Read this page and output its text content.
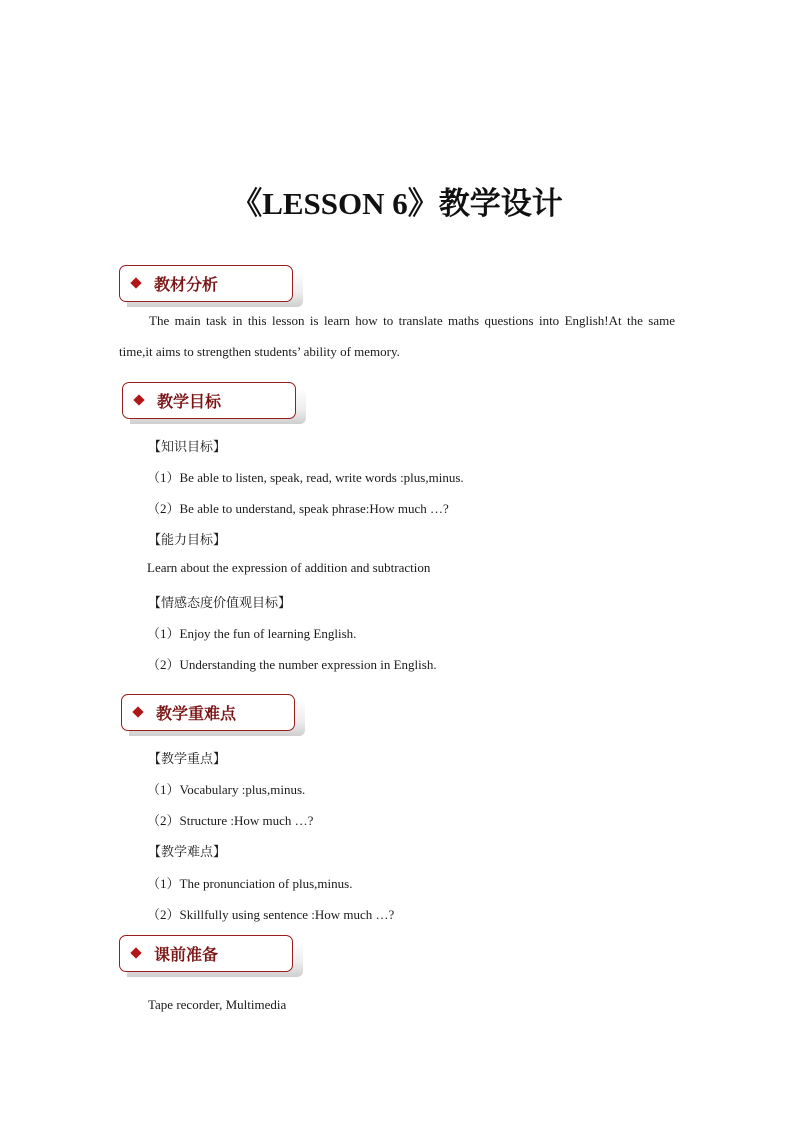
《LESSON 6》教学设计
教材分析
The main task in this lesson is learn how to translate maths questions into English!At the same time,it aims to strengthen students’ ability of memory.
教学目标
【知识目标】
（1）Be able to listen, speak, read, write words :plus,minus.
（2）Be able to understand, speak phrase:How much …?
【能力目标】
Learn about the expression of addition and subtraction
【情感态度价值观目标】
（1）Enjoy the fun of learning English.
（2）Understanding the number expression in English.
教学重难点
【教学重点】
（1）Vocabulary :plus,minus.
（2）Structure :How much …?
【教学难点】
（1）The pronunciation of plus,minus.
（2）Skillfully using sentence :How much …?
课前准备
Tape recorder, Multimedia
